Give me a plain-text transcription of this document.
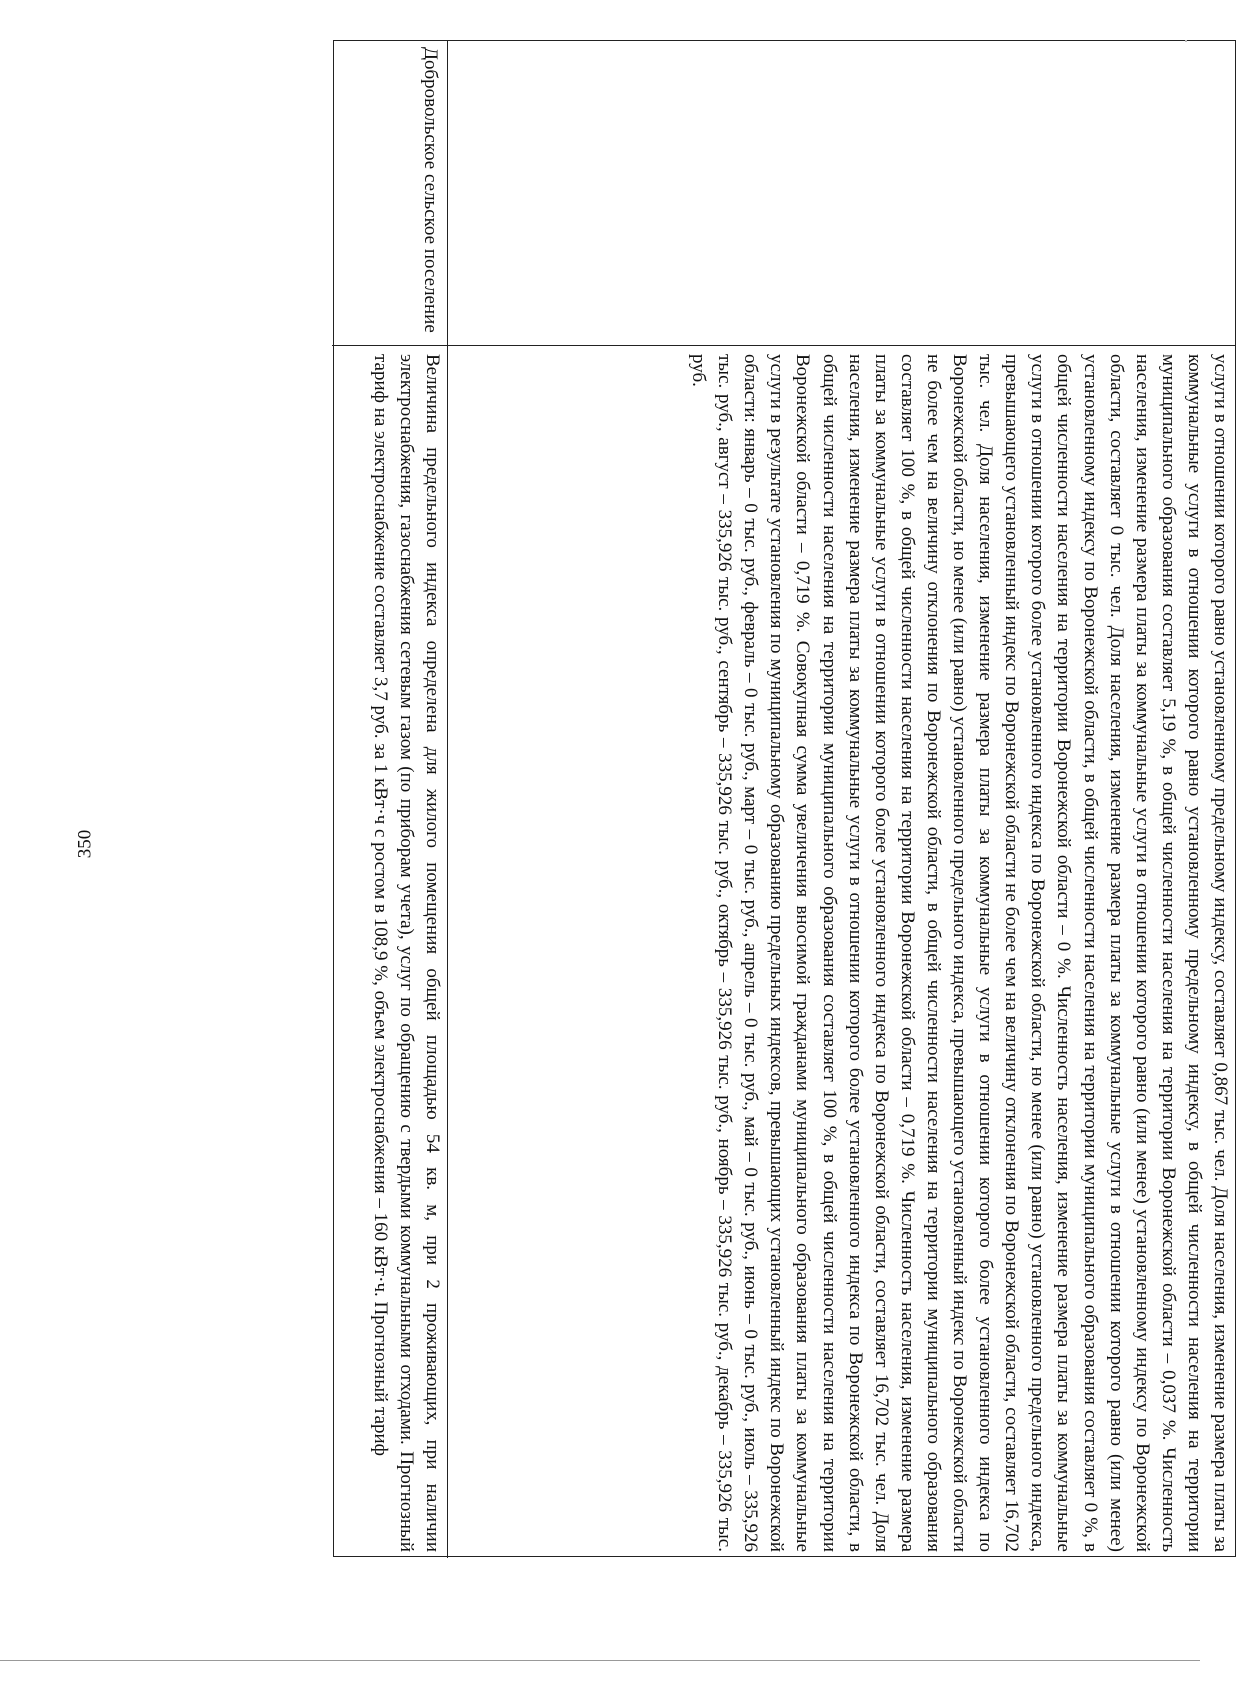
350	услуги в отношении которого равно установленному предельному индексу, составляет 0,867 тыс. чел. Доля населения, изменение размера платы за коммунальные услуги в отношении которого равно установленному предельному индексу, в общей численности населения на территории муниципального образования составляет 5,19 %, в общей численности населения на территории Воронежской области – 0,037 %. Численность населения, изменение размера платы за коммунальные услуги в отношении которого равно (или менее) установленному индексу по Воронежской области, составляет 0 тыс. чел. Доля населения, изменение размера платы за коммунальные услуги в отношении которого равно (или менее) установленному индексу по Воронежской области, в общей численности населения на территории муниципального образования составляет 0 %, в общей численности населения на территории Воронежской области – 0 %. Численность населения, изменение размера платы за коммунальные услуги в отношении которого более установленного индекса по Воронежской области, но менее (или равно) установленного предельного индекса, превышающего установленный индекс по Воронежской области не более чем на величину отклонения по Воронежской области, составляет 16,702 тыс. чел. Доля населения, изменение размера платы за коммунальные услуги в отношении которого более установленного индекса по Воронежской области, но менее (или равно) установленного предельного индекса, превышающего установленный индекс по Воронежской области не более чем на величину отклонения по Воронежской области, в общей численности населения на территории муниципального образования составляет 100 %, в общей численности населения на территории Воронежской области – 0,719 %. Численность населения, изменение размера платы за коммунальные услуги в отношении которого более установленного индекса по Воронежской области, составляет 16,702 тыс. чел. Доля населения, изменение размера платы за коммунальные услуги в отношении которого более установленного индекса по Воронежской области, в общей численности населения на территории муниципального образования составляет 100 %, в общей численности населения на территории Воронежской области – 0,719 %. Совокупная сумма увеличения вносимой гражданами муниципального образования платы за коммунальные услуги в результате установления по муниципальному образованию предельных индексов, превышающих установленный индекс по Воронежской области: январь – 0 тыс. руб., февраль – 0 тыс. руб., март – 0 тыс. руб., апрель – 0 тыс. руб., май – 0 тыс. руб., июнь – 0 тыс. руб., июль – 335,926 тыс. руб., август – 335,926 тыс. руб., сентябрь – 335,926 тыс. руб., октябрь – 335,926 тыс. руб., ноябрь – 335,926 тыс. руб., декабрь – 335,926 тыс. руб.
Добровольское сельское поселение
Величина предельного индекса определена для жилого помещения общей площадью 54 кв. м, при 2 проживающих, при наличии электроснабжения, газоснабжения сетевым газом (по приборам учета), услуг по обращению с твердыми коммунальными отходами. Прогнозный тариф на электроснабжение составляет 3,7 руб. за 1 кВт·ч с ростом в 108,9 %, объем электроснабжения – 160 кВт·ч. Прогнозный тариф
